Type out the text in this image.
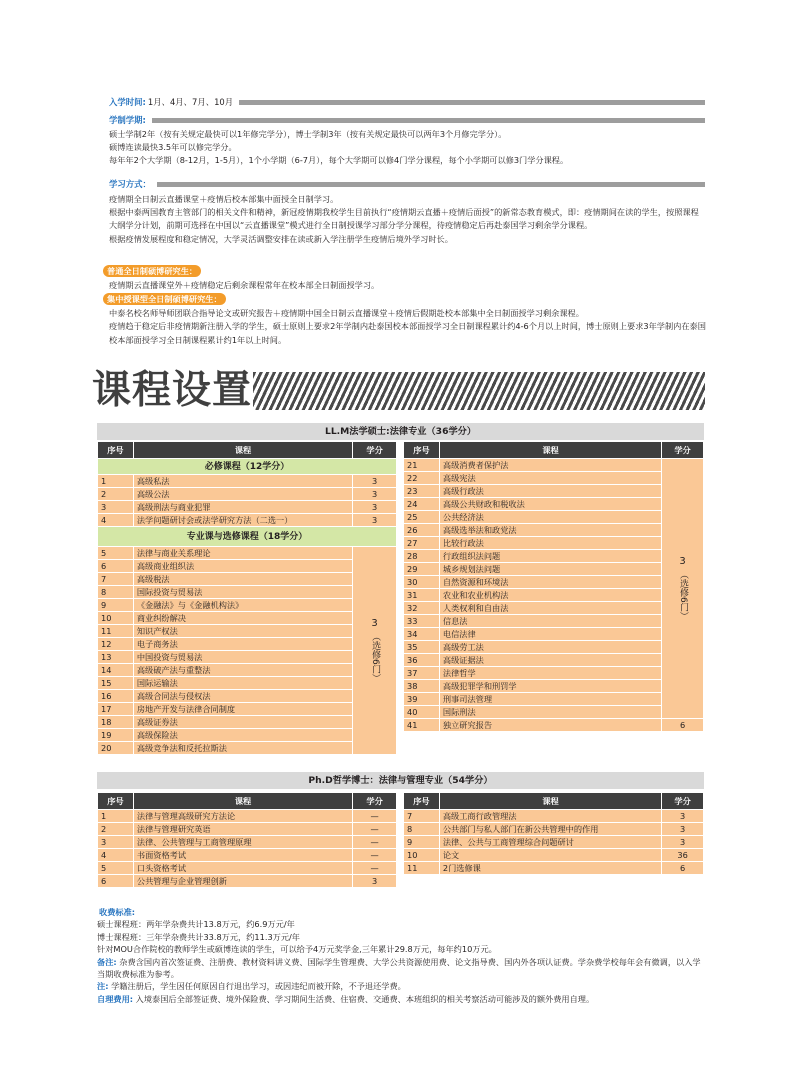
入学时间: 1月、4月、7月、10月
学制学期:
硕士学制2年（按有关规定最快可以1年修完学分），博士学制3年（按有关规定最快可以两年3个月修完学分）。
硕博连读最快3.5年可以修完学分。
每年年2个大学期（8-12月，1-5月），1个小学期（6-7月），每个大学期可以修4门学分课程，每个小学期可以修3门学分课程。
学习方式：
疫情期全日制云直播课堂＋疫情后校本部集中面授全日制学习。
根据中泰两国教育主管部门的相关文件和精神，新冠疫情期我校学生目前执行“疫情期云直播＋疫情后面授”的新常态教育模式，即：疫情期间在读的学生，按照课程大纲学分计划，前期可选择在中国以“云直播课堂”模式进行全日制授课学习部分学分课程，待疫情稳定后再赴泰国学习剩余学分课程。
根据疫情发展程度和稳定情况，大学灵活调整安排在读或新入学注册学生疫情后境外学习时长。
普通全日制硕博研究生：
疫情期云直播课堂外＋疫情稳定后剩余课程常年在校本部全日制面授学习。
集中授课型全日制硕博研究生：
中泰名校名师导师团联合指导论文或研究报告＋疫情期中国全日制云直播课堂＋疫情后假期赴校本部集中全日制面授学习剩余课程。
疫情趋于稳定后非疫情期新注册入学的学生，硕士原则上要求2年学制内赴泰国校本部面授学习全日制课程累计约4-6个月以上时间，博士原则上要求3年学制内在泰国校本部面授学习全日制课程累计约1年以上时间。
课程设置
LL.M法学硕士:法律专业（36学分）
序号	课程	学分
必修课程（12学分）		
1	高级私法	3
2	高级公法	3
3	高级刑法与商业犯罪	3
4	法学问题研讨会或法学研究方法（二选一）	3
专业课与选修课程（18学分）		
5	法律与商业关系理论	3
（选修6门）

6	高级商业组织法	
7	高级税法	
8	国际投资与贸易法	
9	《金融法》与《金融机构法》	
10	商业纠纷解决	
11	知识产权法	
12	电子商务法	
13	中国投资与贸易法	
14	高级破产法与重整法	
15	国际运输法	
16	高级合同法与侵权法	
17	房地产开发与法律合同制度	
18	高级证券法	
19	高级保险法	
20	高级竞争法和反托拉斯法	
序号	课程	学分
21	高级消费者保护法	3
（选修6门）

22	高级宪法	
23	高级行政法	
24	高级公共财政和税收法	
25	公共经济法	
26	高级选举法和政党法	
27	比较行政法	
28	行政组织法问题	
29	城乡规划法问题	
30	自然资源和环境法	
31	农业和农业机构法	
32	人类权利和自由法	
33	信息法	
34	电信法律	
35	高级劳工法	
36	高级证据法	
37	法律哲学	
38	高级犯罪学和刑罚学	
39	刑事司法管理	
40	国际刑法	
41	独立研究报告	6
Ph.D哲学博士：法律与管理专业（54学分）
序号	课程	学分
1	法律与管理高级研究方法论	—
2	法律与管理研究英语	—
3	法律、公共管理与工商管理原理	—
4	书面资格考试	—
5	口头资格考试	—
6	公共管理与企业管理创新	3
序号	课程	学分
7	高级工商行政管理法	3
8	公共部门与私人部门在新公共管理中的作用	3
9	法律、公共与工商管理综合问题研讨	3
10	论文	36
11	2门选修课	6
收费标准:
硕士课程班：两年学杂费共计13.8万元，约6.9万元/年
博士课程班：三年学杂费共计33.8万元，约11.3万元/年
针对MOU合作院校的教师学生或硕博连读的学生，可以给予4万元奖学金,三年累计29.8万元，每年约10万元。
备注: 杂费含国内首次签证费、注册费、教材资料讲义费、国际学生管理费、大学公共资源使用费、论文指导费、国内外各项认证费。学杂费学校每年会有微调，以入学当期收费标准为参考。
注: 学籍注册后，学生因任何原因自行退出学习，或因违纪而被开除，不予退还学费。
自理费用: 入境泰国后全部签证费、境外保险费、学习期间生活费、住宿费、交通费、本班组织的相关考察活动可能涉及的额外费用自理。
